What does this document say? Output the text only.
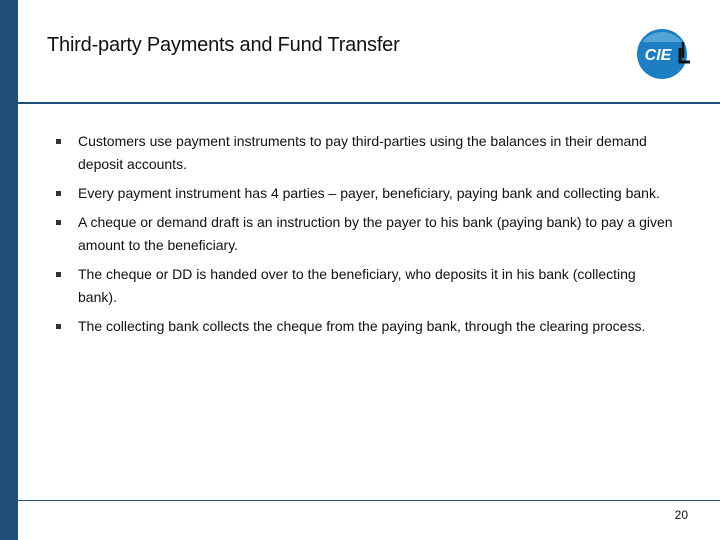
Third-party Payments and Fund Transfer	CIE
Customers use payment instruments to pay third-parties using the balances in their demand deposit accounts.
Every payment instrument has 4 parties – payer, beneficiary, paying bank and collecting bank.
A cheque or demand draft is an instruction by the payer to his bank (paying bank) to pay a given amount to the beneficiary.
The cheque or DD is handed over to the beneficiary, who deposits it in his bank (collecting bank).
The collecting bank collects the cheque from the paying bank, through the clearing process.
20
